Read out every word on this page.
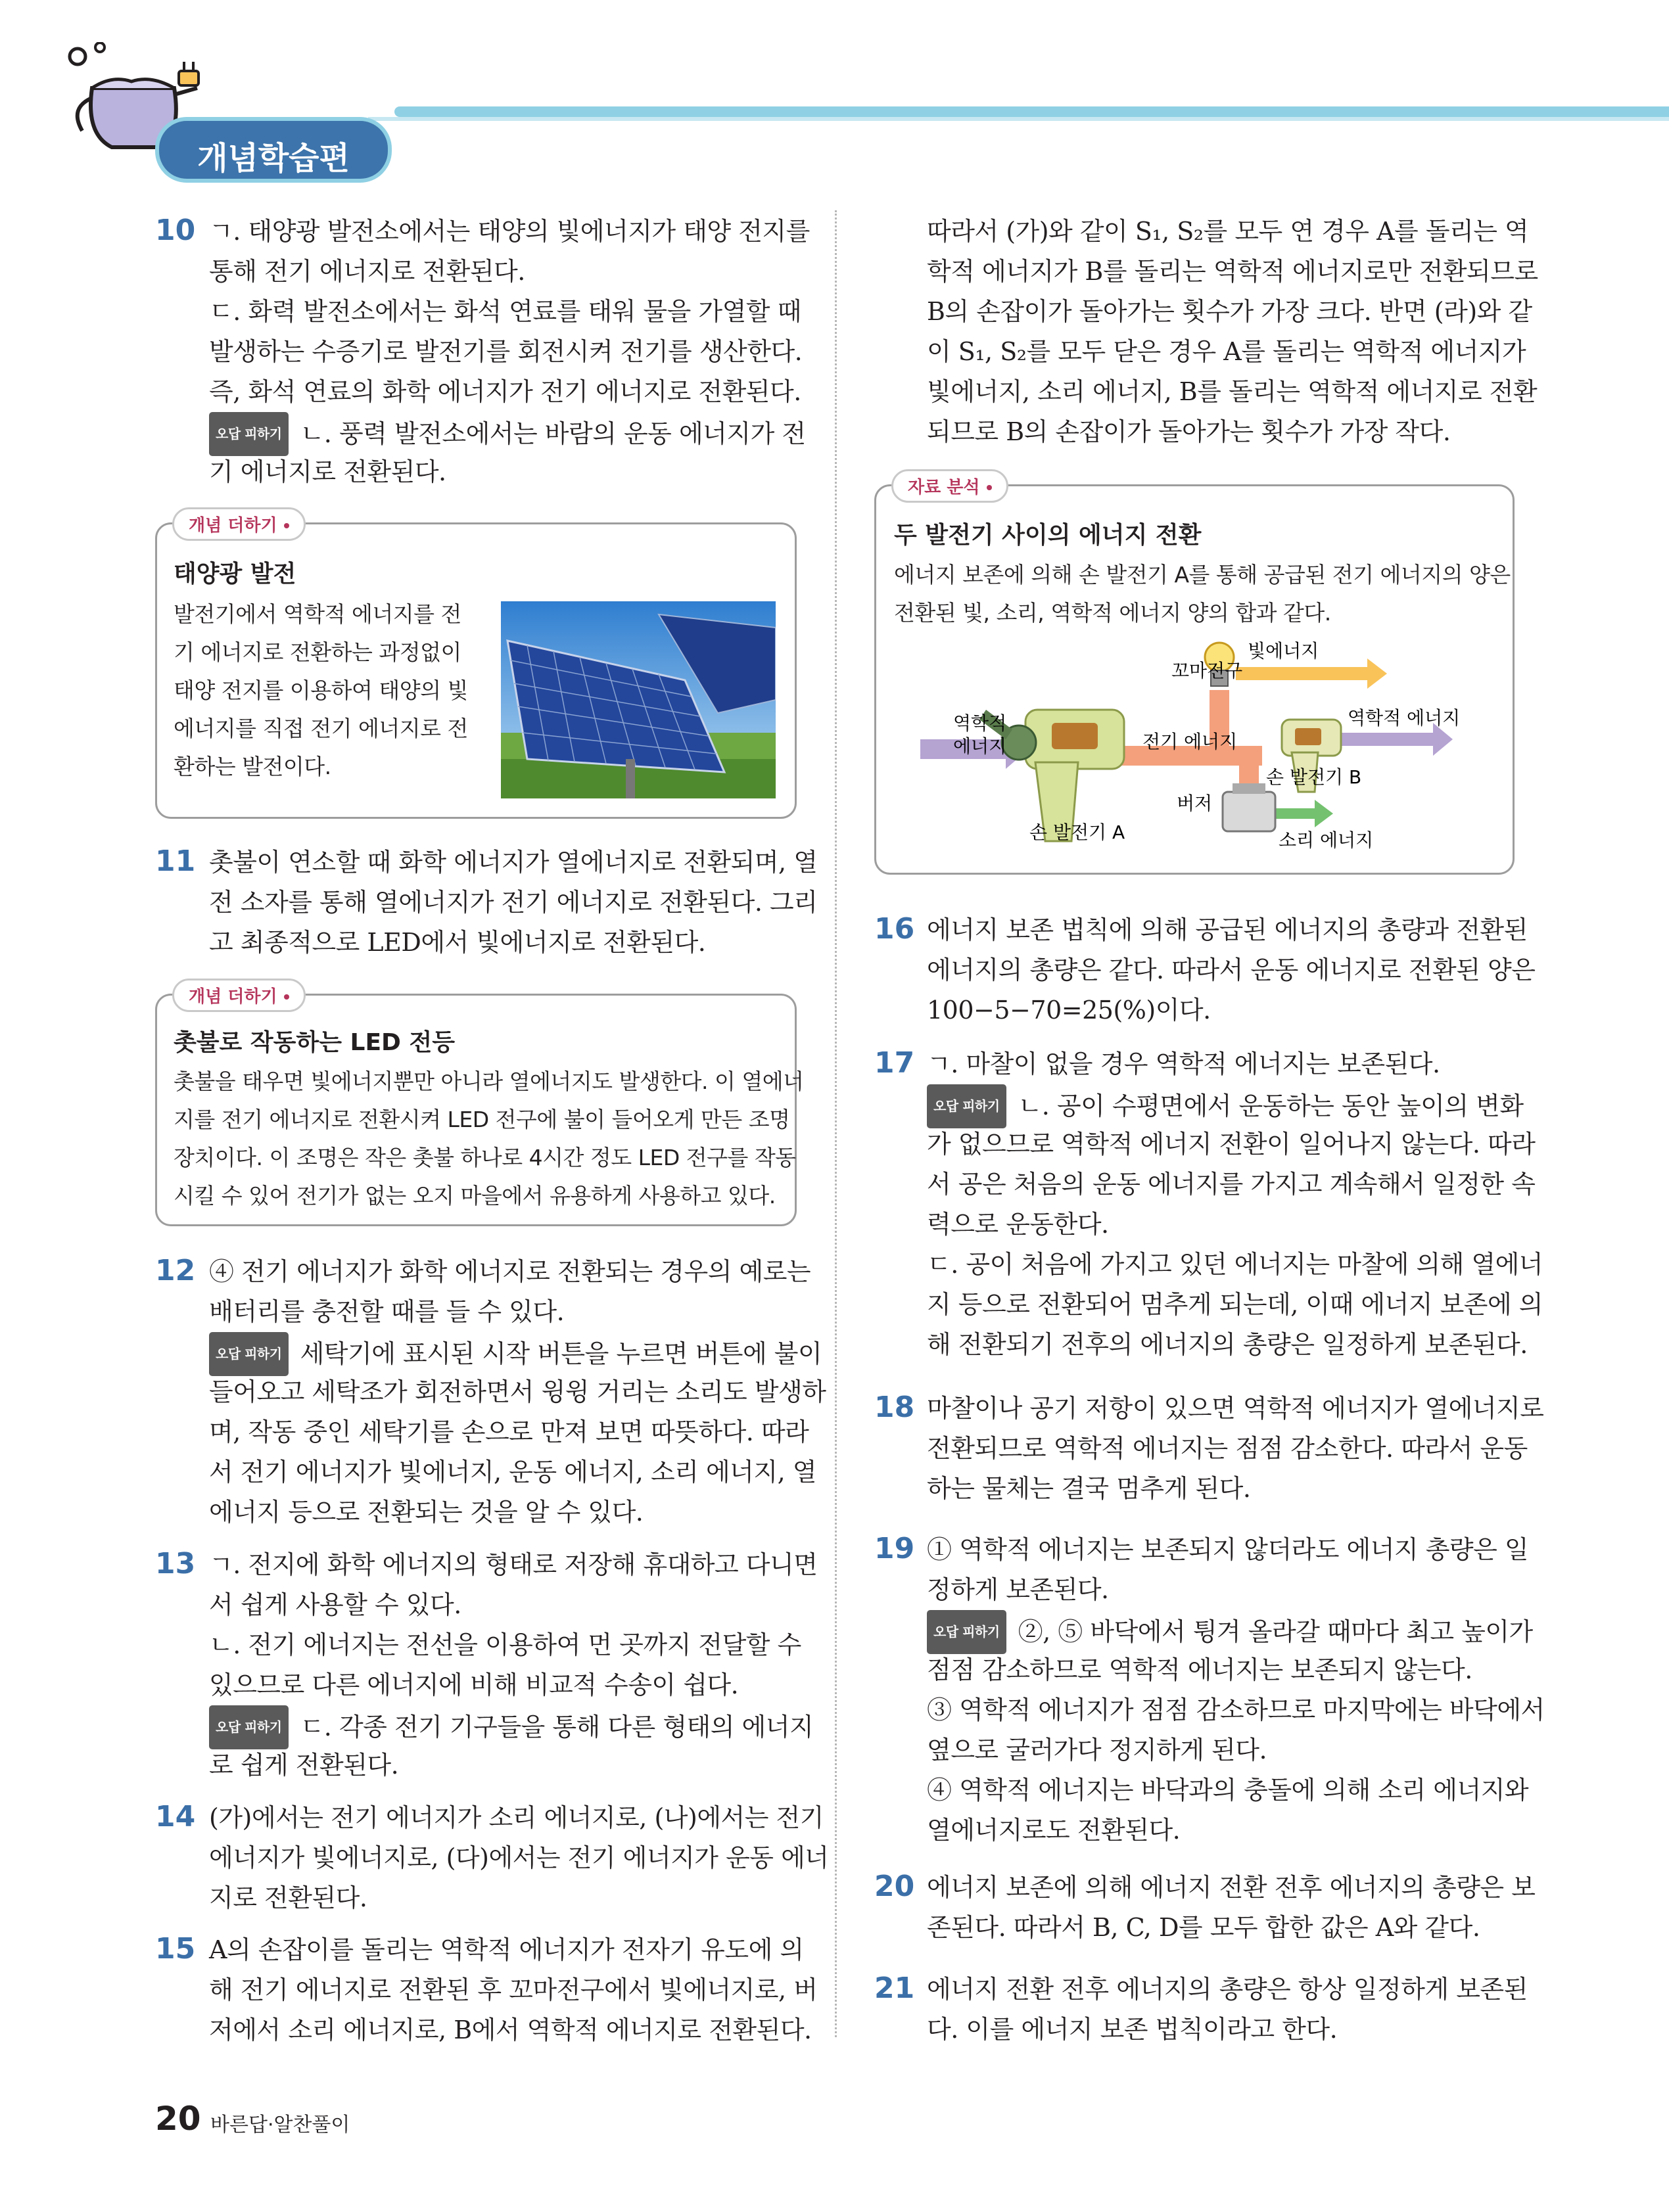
개념학습편
10 ㄱ. 태양광 발전소에서는 태양의 빛에너지가 태양 전지를
통해 전기 에너지로 전환된다.
ㄷ. 화력 발전소에서는 화석 연료를 태워 물을 가열할 때
발생하는 수증기로 발전기를 회전시켜 전기를 생산한다.
즉, 화석 연료의 화학 에너지가 전기 에너지로 전환된다.
오답 피하기 ㄴ. 풍력 발전소에서는 바람의 운동 에너지가 전
기 에너지로 전환된다.
개념 더하기
태양광 발전
발전기에서 역학적 에너지를 전
기 에너지로 전환하는 과정없이
태양 전지를 이용하여 태양의 빛
에너지를 직접 전기 에너지로 전
환하는 발전이다.
11 촛불이 연소할 때 화학 에너지가 열에너지로 전환되며, 열
전 소자를 통해 열에너지가 전기 에너지로 전환된다. 그리
고 최종적으로 LED에서 빛에너지로 전환된다.
개념 더하기
촛불로 작동하는 LED 전등
촛불을 태우면 빛에너지뿐만 아니라 열에너지도 발생한다. 이 열에너
지를 전기 에너지로 전환시켜 LED 전구에 불이 들어오게 만든 조명
장치이다. 이 조명은 작은 촛불 하나로 4시간 정도 LED 전구를 작동
시킬 수 있어 전기가 없는 오지 마을에서 유용하게 사용하고 있다.
12 ④ 전기 에너지가 화학 에너지로 전환되는 경우의 예로는
배터리를 충전할 때를 들 수 있다.
오답 피하기 세탁기에 표시된 시작 버튼을 누르면 버튼에 불이
들어오고 세탁조가 회전하면서 윙윙 거리는 소리도 발생하
며, 작동 중인 세탁기를 손으로 만져 보면 따뜻하다. 따라
서 전기 에너지가 빛에너지, 운동 에너지, 소리 에너지, 열
에너지 등으로 전환되는 것을 알 수 있다.
13 ㄱ. 전지에 화학 에너지의 형태로 저장해 휴대하고 다니면
서 쉽게 사용할 수 있다.
ㄴ. 전기 에너지는 전선을 이용하여 먼 곳까지 전달할 수
있으므로 다른 에너지에 비해 비교적 수송이 쉽다.
오답 피하기 ㄷ. 각종 전기 기구들을 통해 다른 형태의 에너지
로 쉽게 전환된다.
14 (가)에서는 전기 에너지가 소리 에너지로, (나)에서는 전기
에너지가 빛에너지로, (다)에서는 전기 에너지가 운동 에너
지로 전환된다.
15 A의 손잡이를 돌리는 역학적 에너지가 전자기 유도에 의
해 전기 에너지로 전환된 후 꼬마전구에서 빛에너지로, 버
저에서 소리 에너지로, B에서 역학적 에너지로 전환된다.
따라서 (가)와 같이 S₁, S₂를 모두 연 경우 A를 돌리는 역
학적 에너지가 B를 돌리는 역학적 에너지로만 전환되므로
B의 손잡이가 돌아가는 횟수가 가장 크다. 반면 (라)와 같
이 S₁, S₂를 모두 닫은 경우 A를 돌리는 역학적 에너지가
빛에너지, 소리 에너지, B를 돌리는 역학적 에너지로 전환
되므로 B의 손잡이가 돌아가는 횟수가 가장 작다.
자료 분석
두 발전기 사이의 에너지 전환
에너지 보존에 의해 손 발전기 A를 통해 공급된 전기 에너지의 양은
전환된 빛, 소리, 역학적 에너지 양의 합과 같다.
꼬마전구
빛에너지
역학적
에너지	전기 에너지
역학적 에너지
손 발전기 B
버저
손 발전기 A	소리 에너지
16 에너지 보존 법칙에 의해 공급된 에너지의 총량과 전환된
에너지의 총량은 같다. 따라서 운동 에너지로 전환된 양은
100−5−70=25(%)이다.
17 ㄱ. 마찰이 없을 경우 역학적 에너지는 보존된다.
오답 피하기 ㄴ. 공이 수평면에서 운동하는 동안 높이의 변화
가 없으므로 역학적 에너지 전환이 일어나지 않는다. 따라
서 공은 처음의 운동 에너지를 가지고 계속해서 일정한 속
력으로 운동한다.
ㄷ. 공이 처음에 가지고 있던 에너지는 마찰에 의해 열에너
지 등으로 전환되어 멈추게 되는데, 이때 에너지 보존에 의
해 전환되기 전후의 에너지의 총량은 일정하게 보존된다.
18 마찰이나 공기 저항이 있으면 역학적 에너지가 열에너지로
전환되므로 역학적 에너지는 점점 감소한다. 따라서 운동
하는 물체는 결국 멈추게 된다.
19 ① 역학적 에너지는 보존되지 않더라도 에너지 총량은 일
정하게 보존된다.
오답 피하기 ②, ⑤ 바닥에서 튕겨 올라갈 때마다 최고 높이가
점점 감소하므로 역학적 에너지는 보존되지 않는다.
③ 역학적 에너지가 점점 감소하므로 마지막에는 바닥에서
옆으로 굴러가다 정지하게 된다.
④ 역학적 에너지는 바닥과의 충돌에 의해 소리 에너지와
열에너지로도 전환된다.
20 에너지 보존에 의해 에너지 전환 전후 에너지의 총량은 보
존된다. 따라서 B, C, D를 모두 합한 값은 A와 같다.
21 에너지 전환 전후 에너지의 총량은 항상 일정하게 보존된
다. 이를 에너지 보존 법칙이라고 한다.
20 바른답·알찬풀이
